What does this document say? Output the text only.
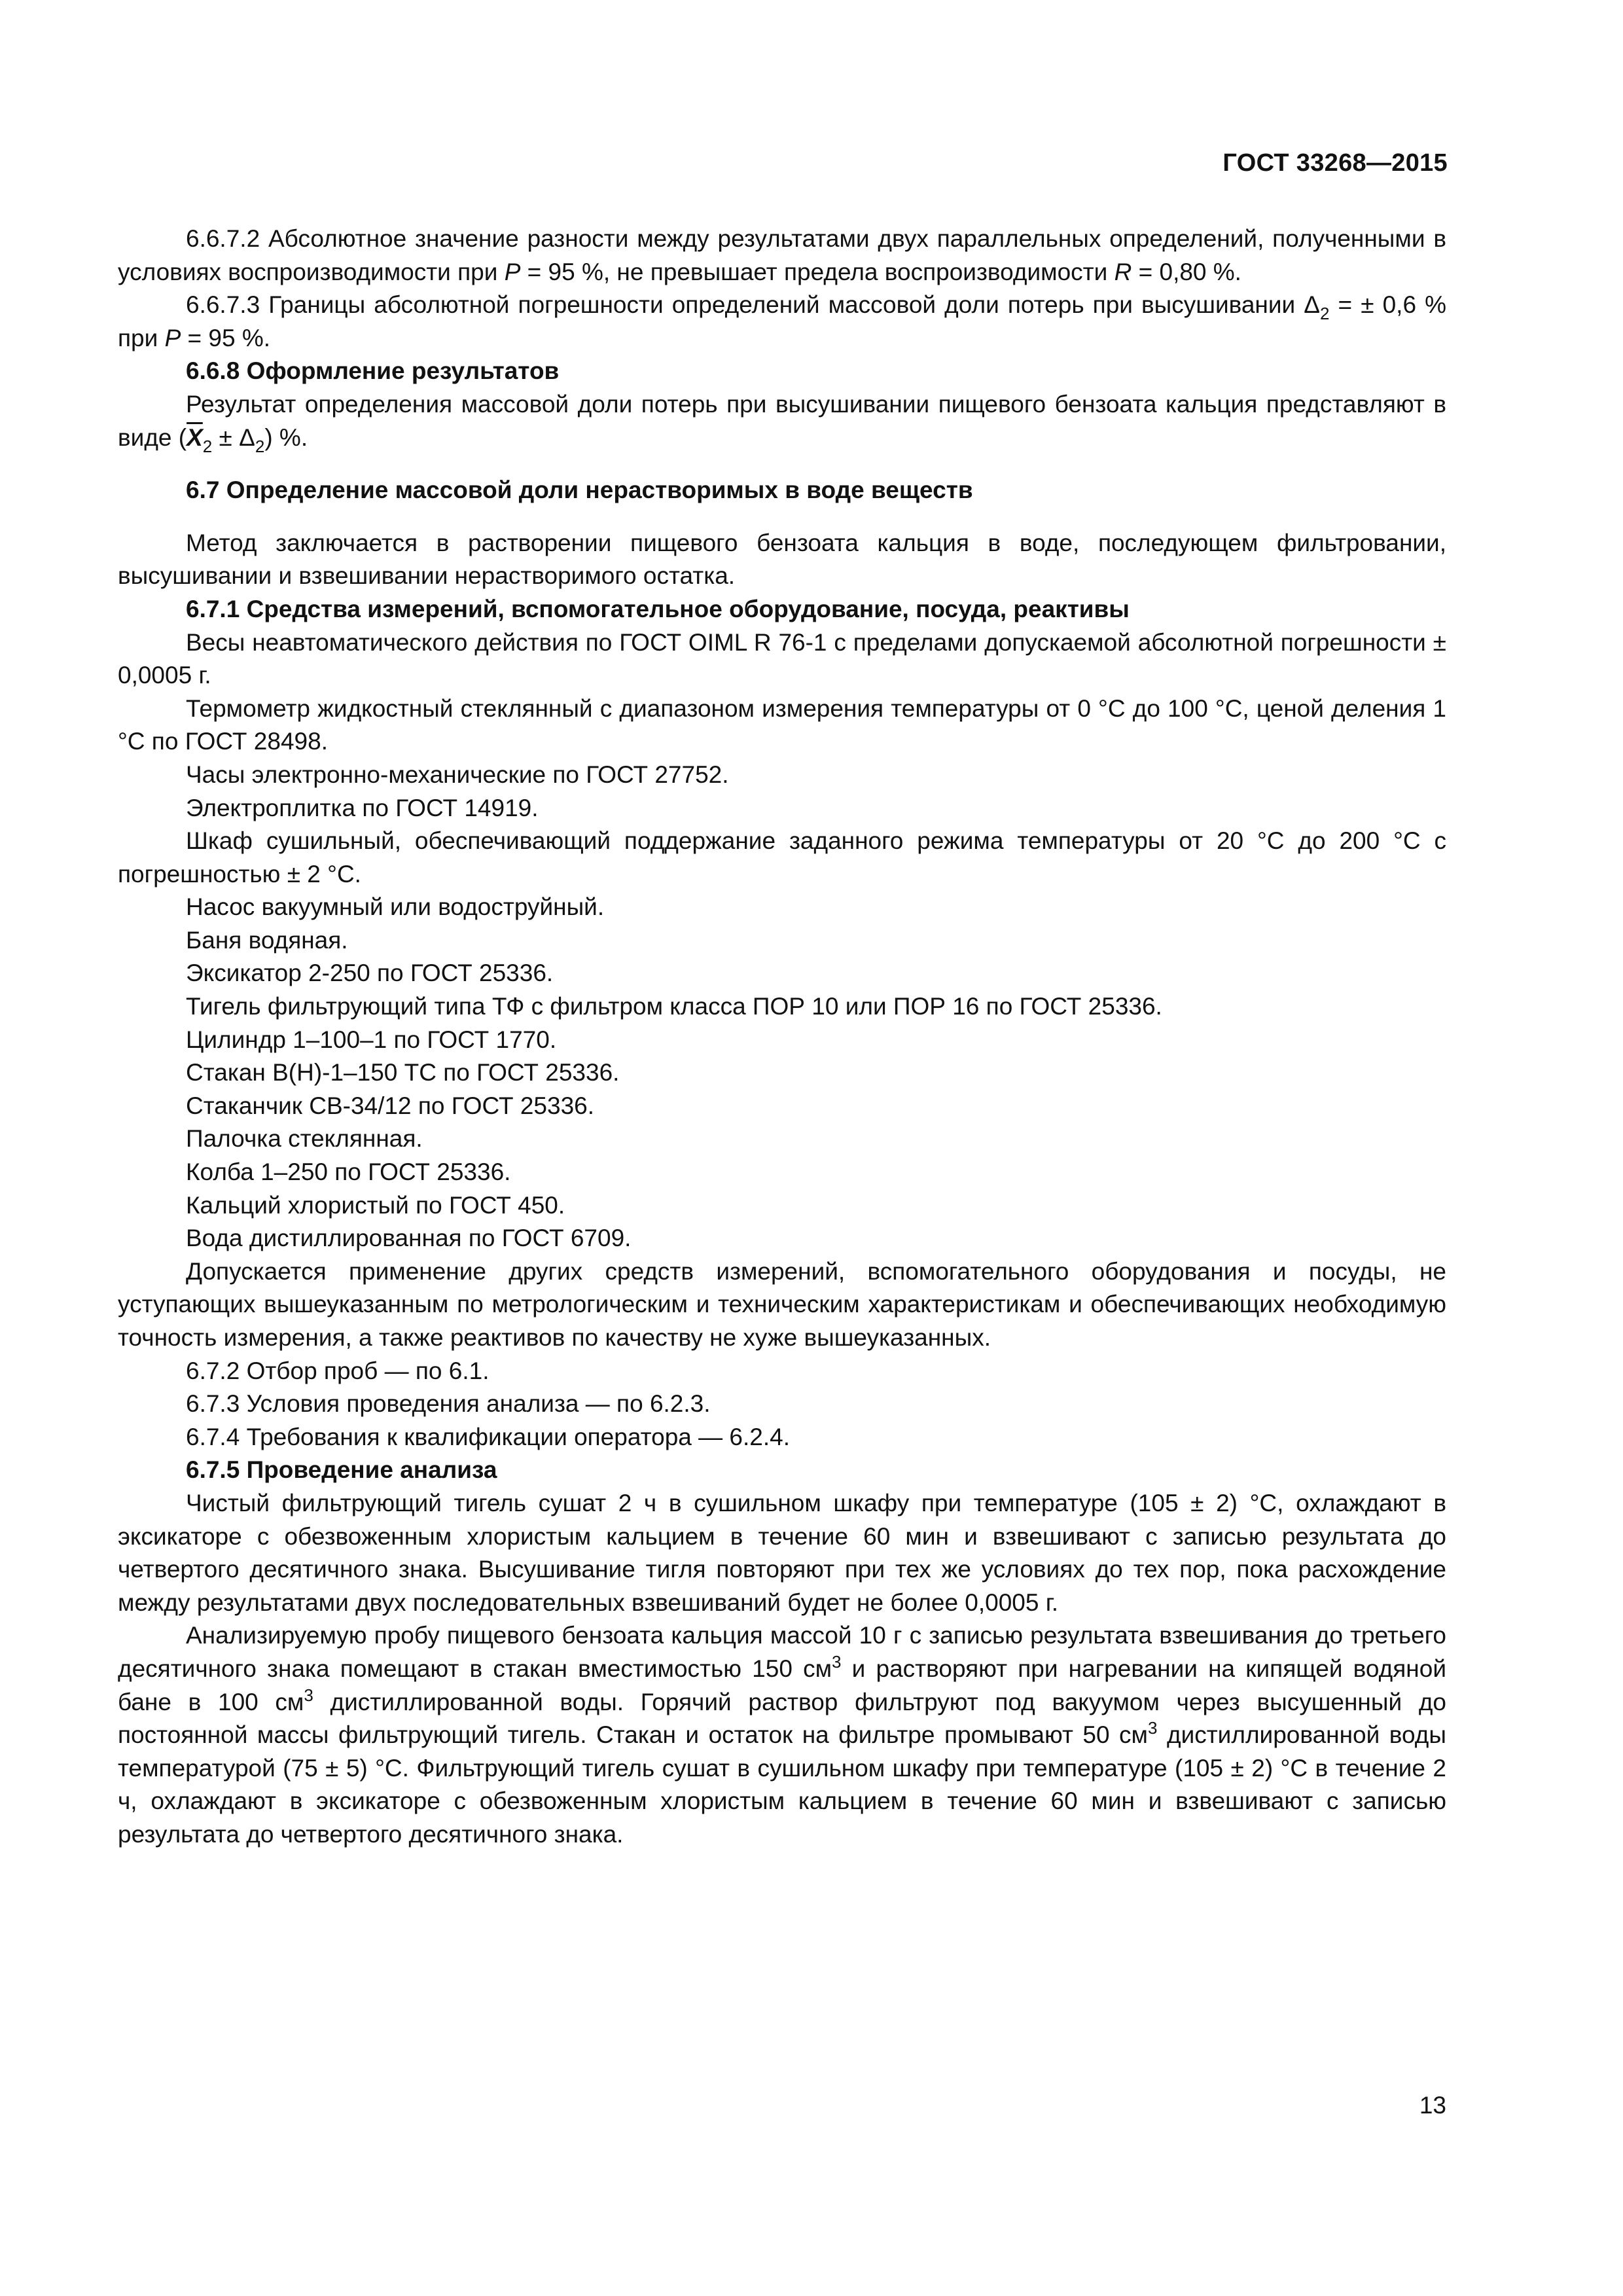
ГОСТ 33268—2015

6.6.7.2 Абсолютное значение разности между результатами двух параллельных определений, полученными в условиях воспроизводимости при P = 95 %, не превышает предела воспроизводимости R = 0,80 %.

6.6.7.3 Границы абсолютной погрешности определений массовой доли потерь при высушивании $\Delta_2$ = ± 0,6 % при P = 95 %.

6.6.8 Оформление результатов

Результат определения массовой доли потерь при высушивании пищевого бензоата кальция представляют в виде $(\overline{X}_2 \pm \Delta_2)$ %.

6.7 Определение массовой доли нерастворимых в воде веществ

Метод заключается в растворении пищевого бензоата кальция в воде, последующем фильтровании, высушивании и взвешивании нерастворимого остатка.

6.7.1 Средства измерений, вспомогательное оборудование, посуда, реактивы

Весы неавтоматического действия по ГОСТ OIML R 76-1 с пределами допускаемой абсолютной погрешности ± 0,0005 г.

Термометр жидкостный стеклянный с диапазоном измерения температуры от 0 °С до 100 °С, ценой деления 1 °С по ГОСТ 28498.

Часы электронно-механические по ГОСТ 27752.

Электроплитка по ГОСТ 14919.

Шкаф сушильный, обеспечивающий поддержание заданного режима температуры от 20 °С до 200 °С с погрешностью ± 2 °С.

Насос вакуумный или водоструйный.

Баня водяная.

Эксикатор 2-250 по ГОСТ 25336.

Тигель фильтрующий типа ТФ с фильтром класса ПОР 10 или ПОР 16 по ГОСТ 25336.

Цилиндр 1–100–1 по ГОСТ 1770.

Стакан В(Н)-1–150 ТС по ГОСТ 25336.

Стаканчик СВ-34/12 по ГОСТ 25336.

Палочка стеклянная.

Колба 1–250 по ГОСТ 25336.

Кальций хлористый по ГОСТ 450.

Вода дистиллированная по ГОСТ 6709.

Допускается применение других средств измерений, вспомогательного оборудования и посуды, не уступающих вышеуказанным по метрологическим и техническим характеристикам и обеспечивающих необходимую точность измерения, а также реактивов по качеству не хуже вышеуказанных.

6.7.2 Отбор проб — по 6.1.

6.7.3 Условия проведения анализа — по 6.2.3.

6.7.4 Требования к квалификации оператора — 6.2.4.

6.7.5 Проведение анализа

Чистый фильтрующий тигель сушат 2 ч в сушильном шкафу при температуре (105 ± 2) °С, охлаждают в эксикаторе с обезвоженным хлористым кальцием в течение 60 мин и взвешивают с записью результата до четвертого десятичного знака. Высушивание тигля повторяют при тех же условиях до тех пор, пока расхождение между результатами двух последовательных взвешиваний будет не более 0,0005 г.

Анализируемую пробу пищевого бензоата кальция массой 10 г с записью результата взвешивания до третьего десятичного знака помещают в стакан вместимостью 150 $см^3$ и растворяют при нагревании на кипящей водяной бане в 100 $см^3$ дистиллированной воды. Горячий раствор фильтруют под вакуумом через высушенный до постоянной массы фильтрующий тигель. Стакан и остаток на фильтре промывают 50 $см^3$ дистиллированной воды температурой (75 ± 5) °С. Фильтрующий тигель сушат в сушильном шкафу при температуре (105 ± 2) °С в течение 2 ч, охлаждают в эксикаторе с обезвоженным хлористым кальцием в течение 60 мин и взвешивают с записью результата до четвертого десятичного знака.

13
